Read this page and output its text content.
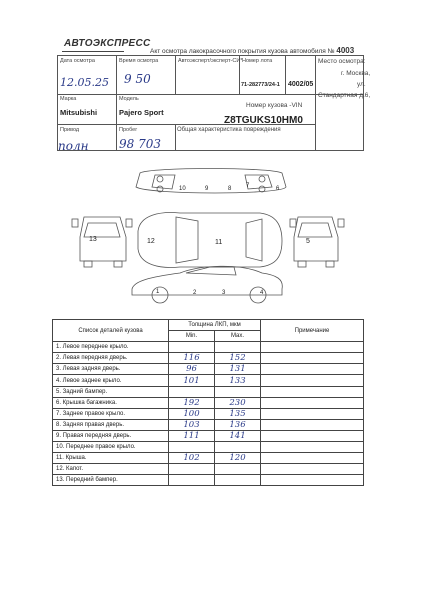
АВТОЭКСПРЕСС
Акт осмотра лакокрасочного покрытия кузова автомобиля № 4003
Дата осмотра
12.05.25
Время осмотра
9 50
Автоэксперт/эксперт-СИ* Номер лота
71-282773/24-1 4002/05
Место осмотра:
г. Москва,
ул.
Стандартная д.6,
Марка
Mitsubishi
Модель
Pajero Sport
Номер кузова -VIN
Z8TGUKS10HM0
Привод
полн
Пробег
98 703
Общая характеристика повреждения
11
12
13	5
10	9	8 7	6
1	2	3	4
Список деталей кузова	Толщина ЛКП, мкм		Примечание
	Min.	Max.	
1. Левое переднее крыло.			
2. Левая передняя дверь.	116	152	
3. Левая задняя дверь.	96	131	
4. Левое заднее крыло.	101	133	
5. Задний бампер.			
6. Крышка багажника.	192	230	
7. Заднее правое крыло.	100	135	
8. Задняя правая дверь.	103	136	
9. Правая передняя дверь.	111	141	
10. Переднее правое крыло.			
11. Крыша.	102	120	
12. Капот.			
13. Передний бампер.			
